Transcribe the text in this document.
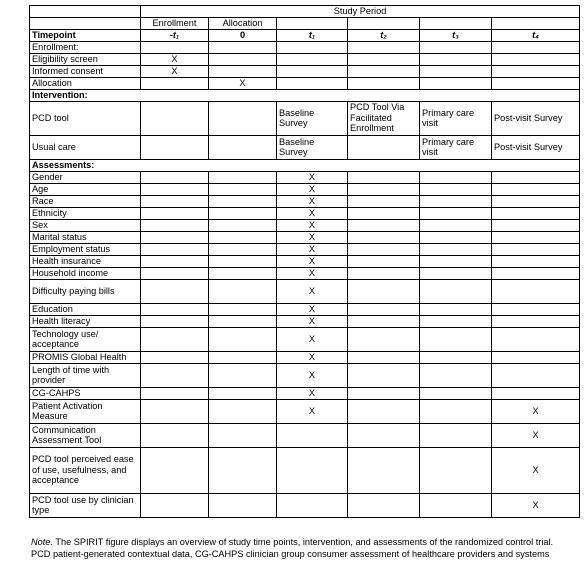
	Study Period					
	Enrollment	Allocation				
Timepoint	-t₁	0	t₁	t₂	t₃	t₄
Enrollment:						
Eligibility screen	X					
Informed consent	X					
Allocation		X				
Intervention:						
PCD tool			Baseline Survey	PCD Tool Via Facilitated Enrollment	Primary care visit	Post-visit Survey
Usual care			Baseline Survey		Primary care visit	Post-visit Survey
Assessments:						
Gender			X			
Age			X			
Race			X			
Ethnicity			X			
Sex			X			
Marital status			X			
Employment status			X			
Health insurance			X			
Household income			X			
Difficulty paying bills			X			
Education			X			
Health literacy			X			
Technology use/ acceptance			X			
PROMIS Global Health			X			
Length of time with provider			X			
CG-CAHPS			X			
Patient Activation Measure			X			X
Communication Assessment Tool						X
PCD tool perceived ease of use, usefulness, and acceptance						X
PCD tool use by clinician type						X
Note. The SPIRIT figure displays an overview of study time points, intervention, and assessments of the randomized control trial. PCD patient-generated contextual data, CG-CAHPS clinician group consumer assessment of healthcare providers and systems
